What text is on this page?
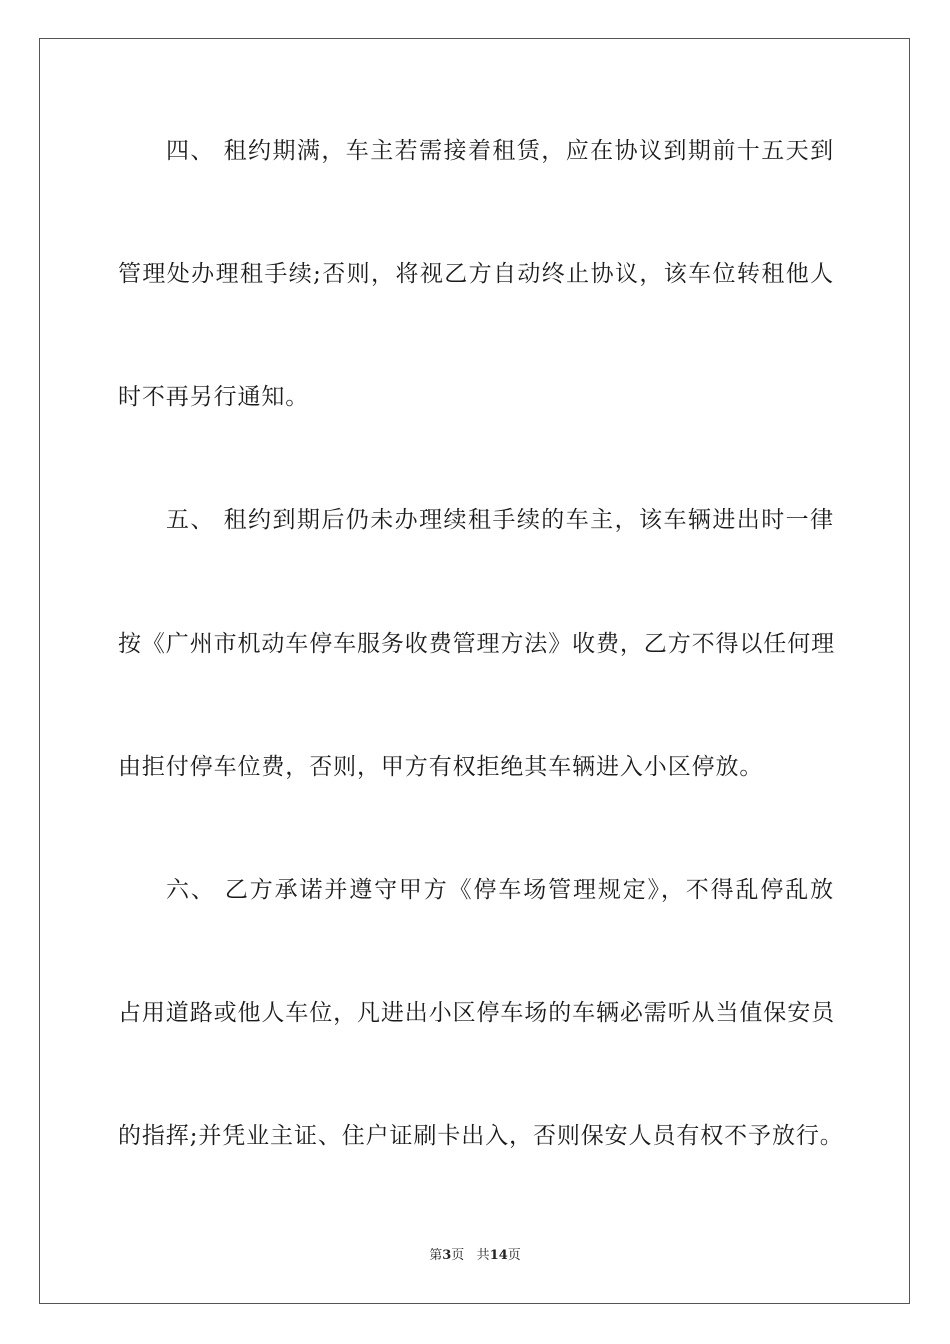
四、 租约期满，车主若需接着租赁，应在协议到期前十五天到
管理处办理租手续;否则，将视乙方自动终止协议，该车位转租他人
时不再另行通知。
五、 租约到期后仍未办理续租手续的车主，该车辆进出时一律
按《广州市机动车停车服务收费管理方法》收费，乙方不得以任何理
由拒付停车位费，否则，甲方有权拒绝其车辆进入小区停放。
六、 乙方承诺并遵守甲方《停车场管理规定》，不得乱停乱放
占用道路或他人车位，凡进出小区停车场的车辆必需听从当值保安员
的指挥;并凭业主证、住户证刷卡出入，否则保安人员有权不予放行。
第3页 共14页
